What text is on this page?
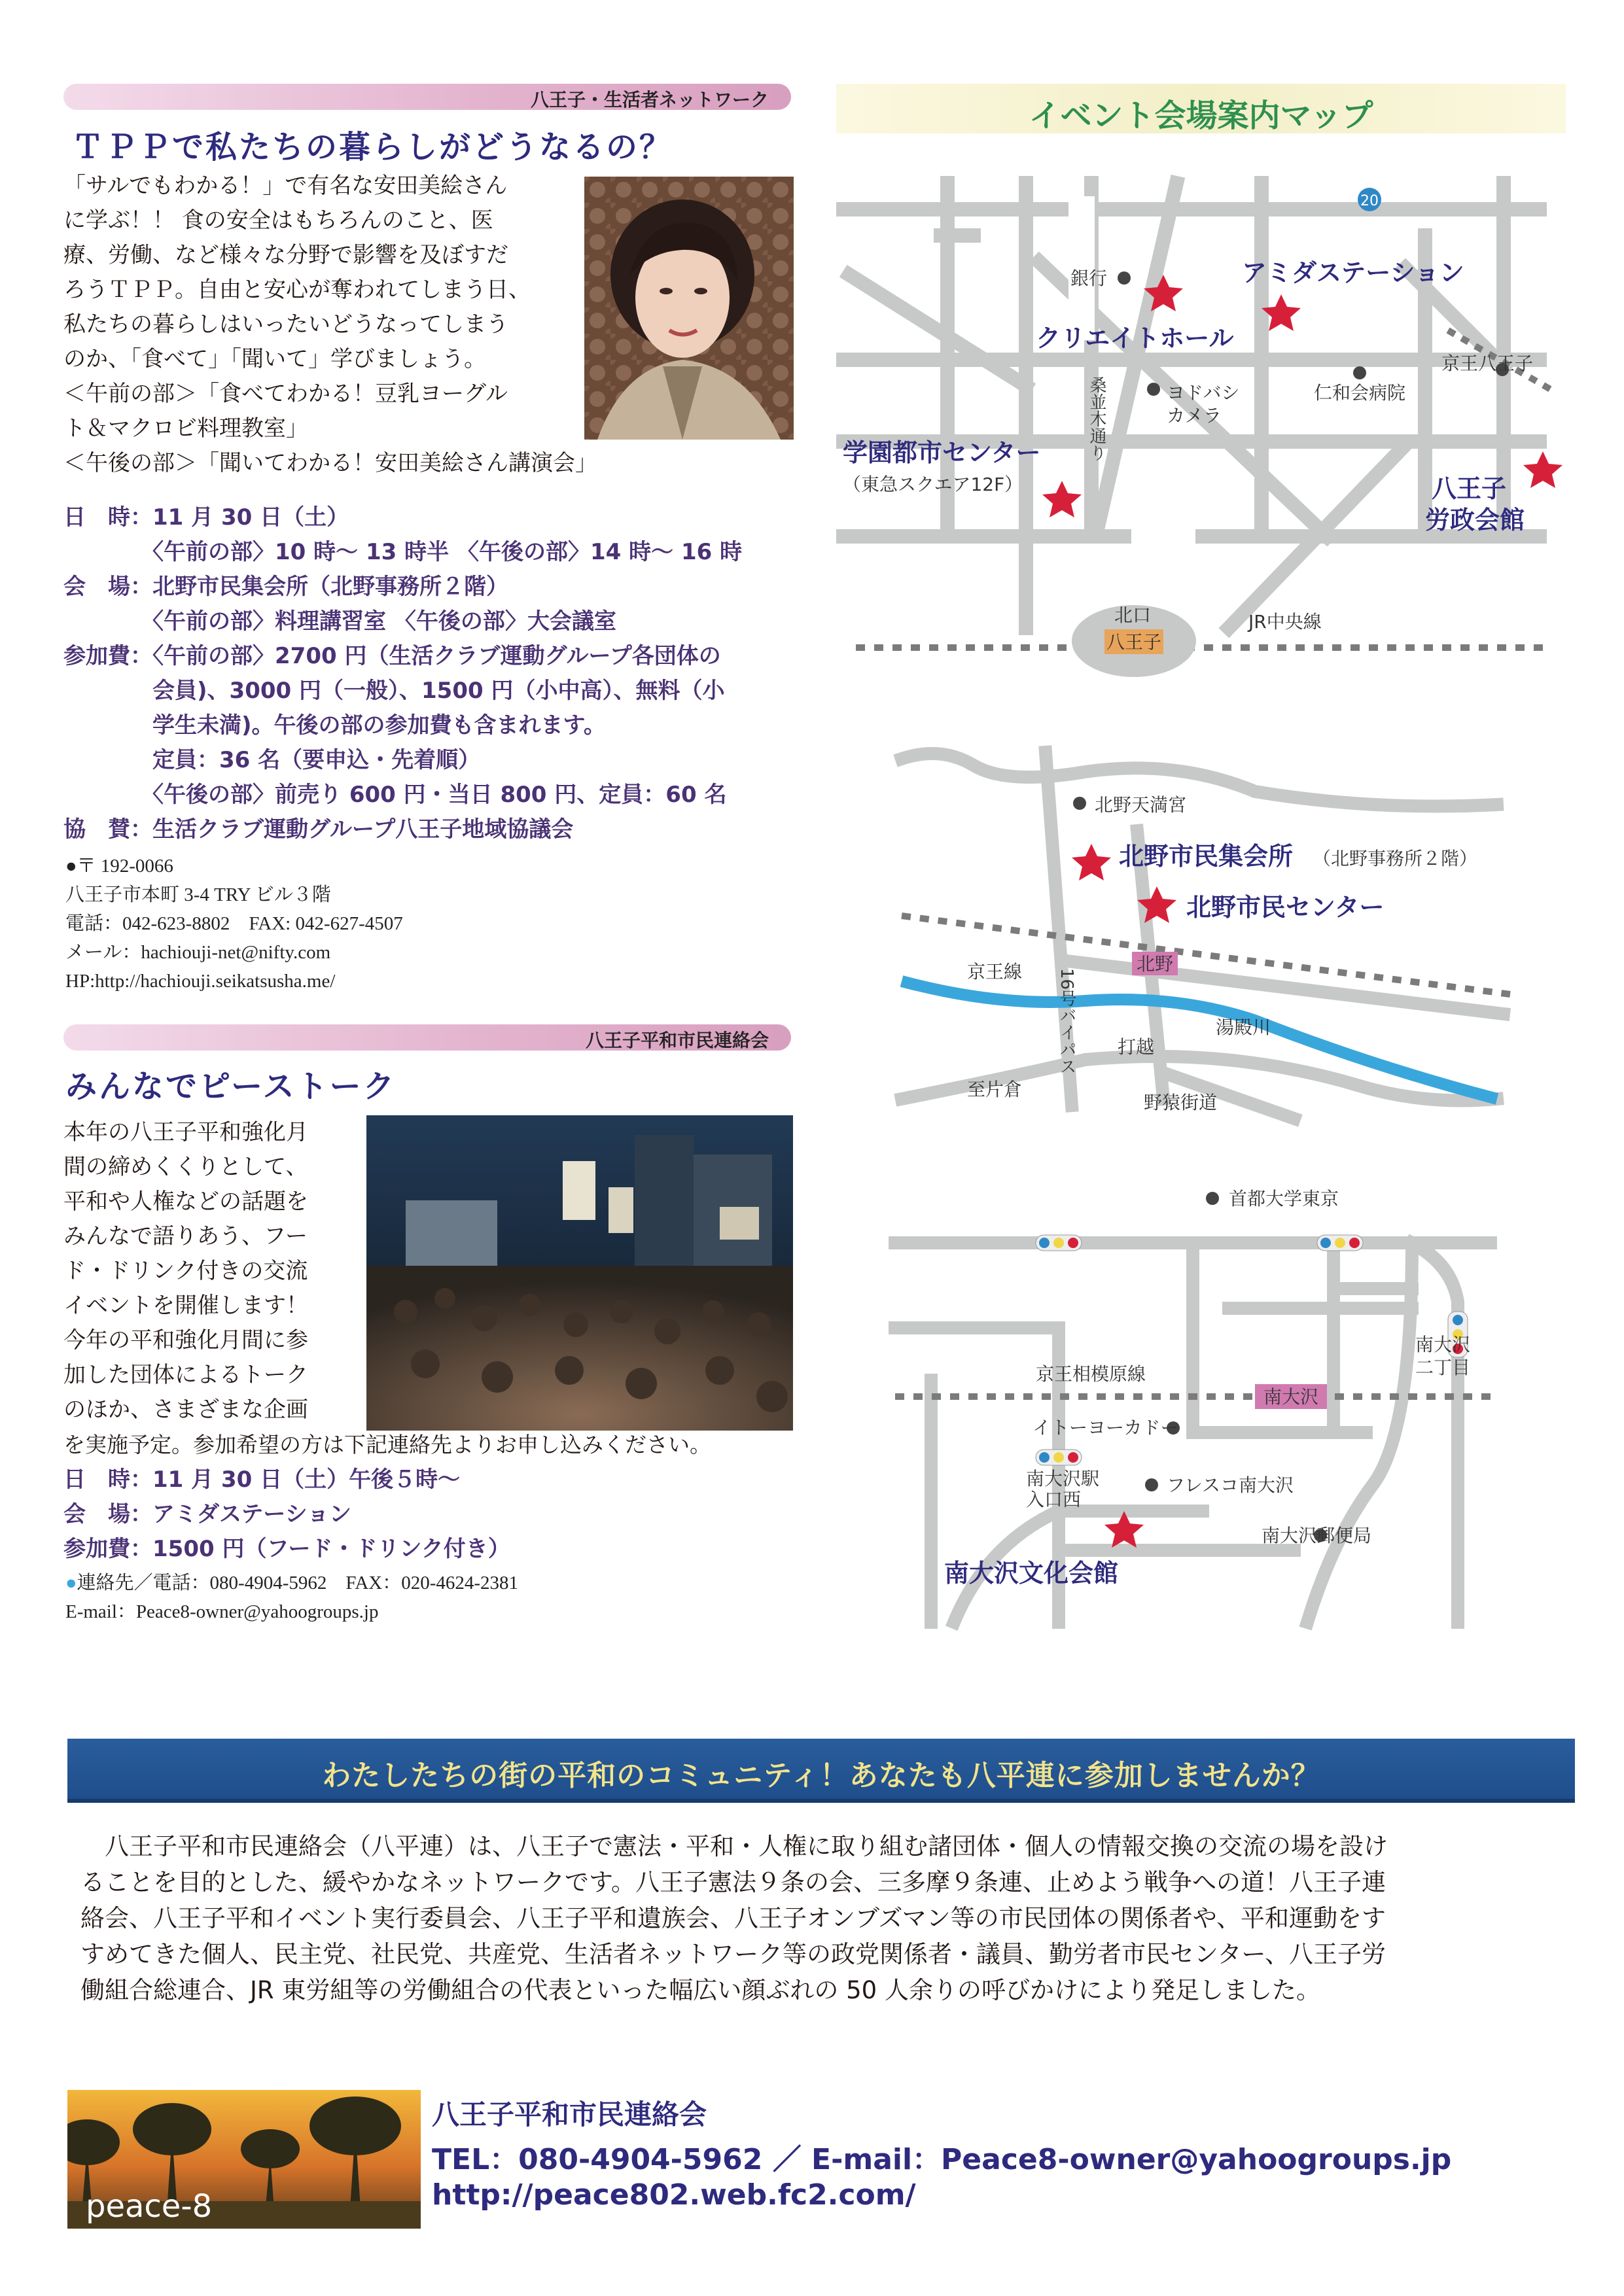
八王子・生活者ネットワーク
ＴＰＰで私たちの暮らしがどうなるの？
「サルでもわかる！」で有名な安田美絵さん
に学ぶ！！ 食の安全はもちろんのこと、医
療、労働、など様々な分野で影響を及ぼすだ
ろうＴＰＰ。自由と安心が奪われてしまう日、
私たちの暮らしはいったいどうなってしまう
のか、「食べて」「聞いて」学びましょう。
＜午前の部＞「食べてわかる！豆乳ヨーグル
ト＆マクロビ料理教室」
＜午後の部＞「聞いてわかる！安田美絵さん講演会」
日　時：11 月 30 日（土）
　　　　〈午前の部〉10 時～ 13 時半 〈午後の部〉14 時～ 16 時
会　場：北野市民集会所（北野事務所２階）
　　　　〈午前の部〉料理講習室 〈午後の部〉大会議室
参加費：〈午前の部〉2700 円（生活クラブ運動グループ各団体の
　　　　会員)、3000 円（一般）、1500 円（小中高）、無料（小
　　　　学生未満)。午後の部の参加費も含まれます。
　　　　定員：36 名（要申込・先着順）
　　　　〈午後の部〉前売り 600 円・当日 800 円、定員：60 名
協　賛：生活クラブ運動グループ八王子地域協議会
●〒 192-0066
八王子市本町 3-4 TRY ビル３階
電話：042-623-8802　FAX: 042-627-4507
メール：hachiouji-net@nifty.com
HP:http://hachiouji.seikatsusha.me/
八王子平和市民連絡会
みんなでピーストーク
本年の八王子平和強化月
間の締めくくりとして、
平和や人権などの話題を
みんなで語りあう、フー
ド・ドリンク付きの交流
イベントを開催します！
今年の平和強化月間に参
加した団体によるトーク
のほか、さまざまな企画
を実施予定。参加希望の方は下記連絡先よりお申し込みください。
日　時：11 月 30 日（土）午後５時～
会　場：アミダステーション
参加費：1500 円（フード・ドリンク付き）
●連絡先／電話：080-4904-5962　FAX：020-4624-2381
E-mail：Peace8-owner@yahoogroups.jp
イベント会場案内マップ
20
銀行	アミダステーション
クリエイトホール
京王八王子
ヨドバシ
カメラ
仁和会病院
学園都市センター
（東急スクエア12F）	八王子
労政会館
北口	JR中央線
桑並木通り
八王子
北野天満宮
北野市民集会所 （北野事務所２階）
北野市民センター
京王線
湯殿川
打越
至片倉
野猿街道
16号バイパス
北野
首都大学東京
京王相模原線
南大沢
二丁目
イトーヨーカドー
南大沢駅
入口西
フレスコ南大沢
南大沢郵便局
南大沢文化会館
南大沢
わたしたちの街の平和のコミュニティ！あなたも八平連に参加しませんか？
　八王子平和市民連絡会（八平連）は、八王子で憲法・平和・人権に取り組む諸団体・個人の情報交換の交流の場を設け
ることを目的とした、緩やかなネットワークです。八王子憲法９条の会、三多摩９条連、止めよう戦争への道！八王子連
絡会、八王子平和イベント実行委員会、八王子平和遺族会、八王子オンブズマン等の市民団体の関係者や、平和運動をす
すめてきた個人、民主党、社民党、共産党、生活者ネットワーク等の政党関係者・議員、勤労者市民センター、八王子労
働組合総連合、JR 東労組等の労働組合の代表といった幅広い顔ぶれの 50 人余りの呼びかけにより発足しました。
peace-8
八王子平和市民連絡会
TEL：080-4904-5962 ／ E-mail：Peace8-owner@yahoogroups.jp
http://peace802.web.fc2.com/
